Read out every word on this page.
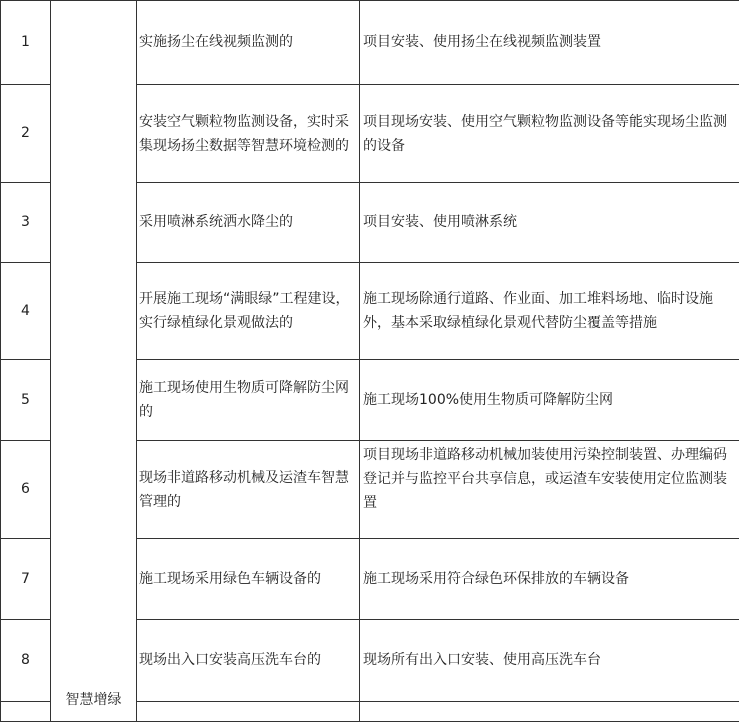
1	智慧增绿	实施扬尘在线视频监测的	项目安装、使用扬尘在线视频监测装置
2		安装空气颗粒物监测设备，实时采集现场扬尘数据等智慧环境检测的	项目现场安装、使用空气颗粒物监测设备等能实现场尘监测的设备
3		采用喷淋系统洒水降尘的	项目安装、使用喷淋系统
4		开展施工现场“满眼绿”工程建设，实行绿植绿化景观做法的	施工现场除通行道路、作业面、加工堆料场地、临时设施外，基本采取绿植绿化景观代替防尘覆盖等措施
5		施工现场使用生物质可降解防尘网的	施工现场100%使用生物质可降解防尘网
6		现场非道路移动机械及运渣车智慧管理的	项目现场非道路移动机械加装使用污染控制装置、办理编码登记并与监控平台共享信息，或运渣车安装使用定位监测装置
7		施工现场采用绿色车辆设备的	施工现场采用符合绿色环保排放的车辆设备
8		现场出入口安装高压洗车台的	现场所有出入口安装、使用高压洗车台
